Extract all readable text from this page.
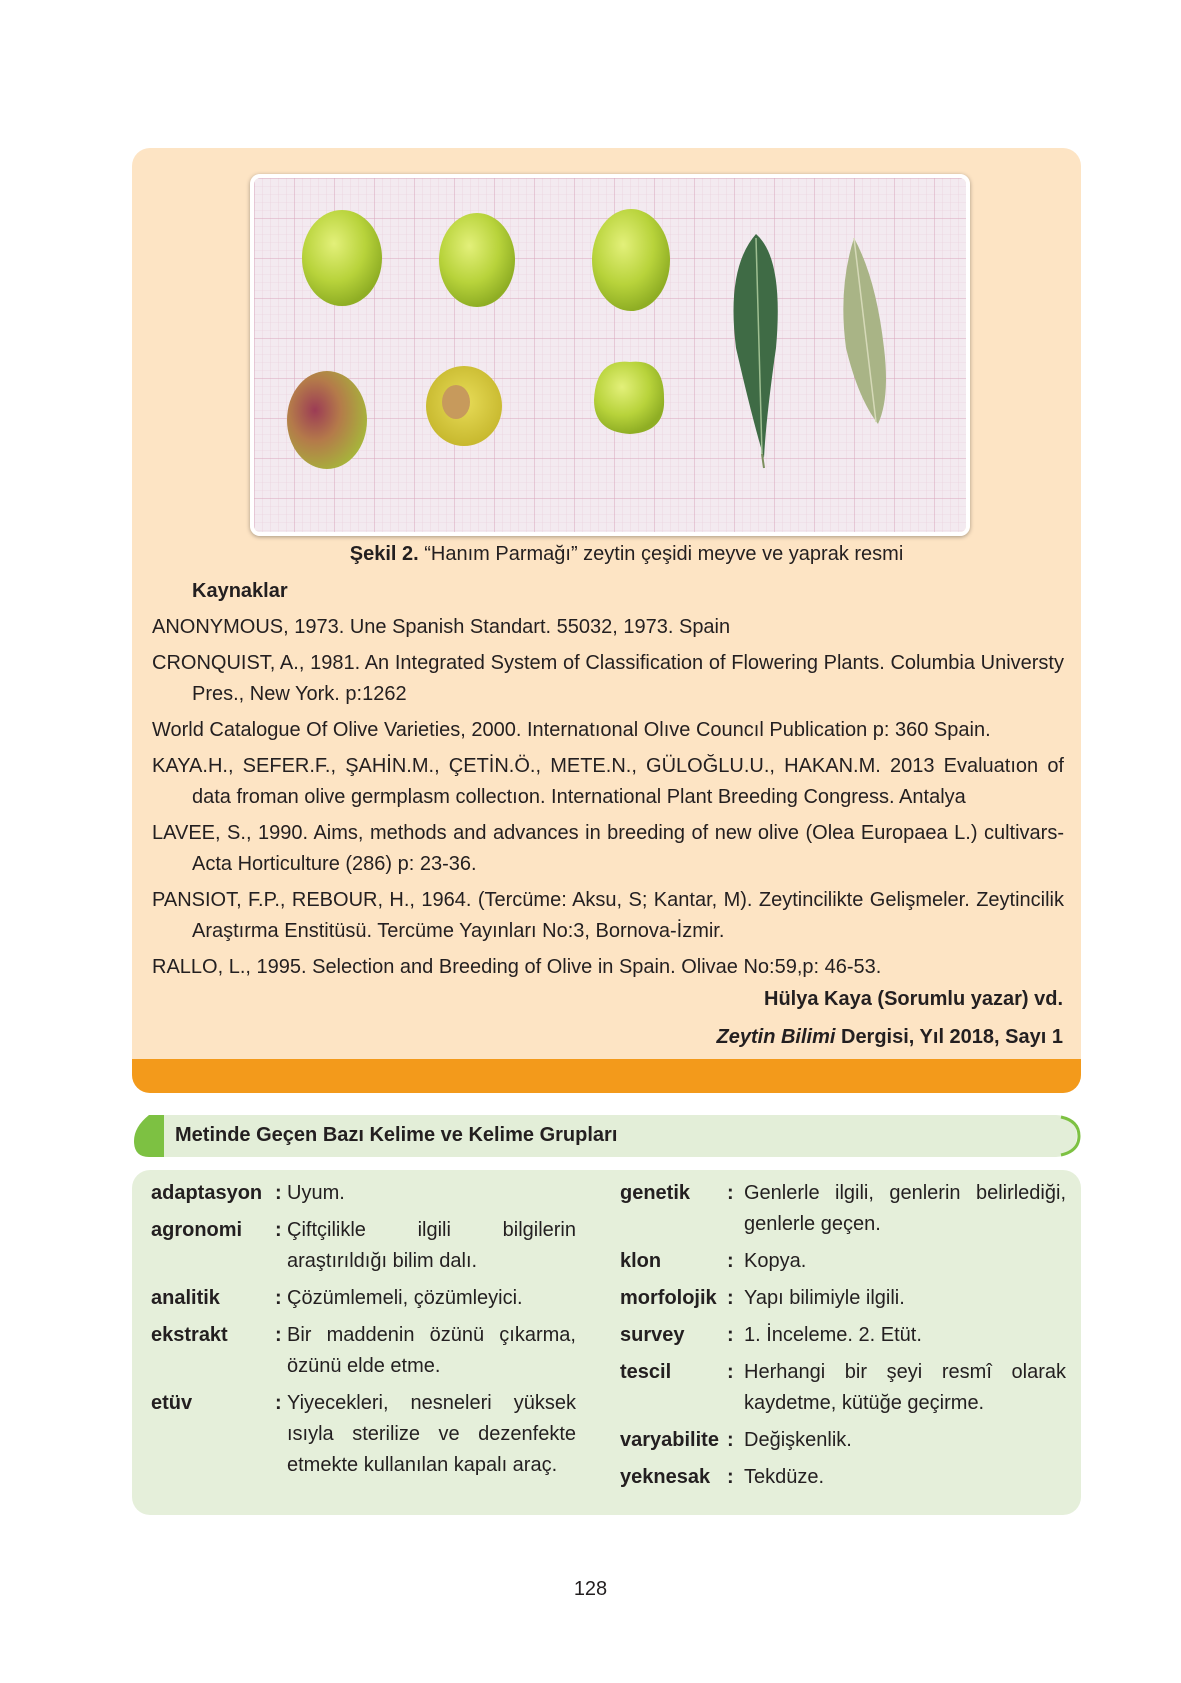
Şekil 2. “Hanım Parmağı” zeytin çeşidi meyve ve yaprak resmi
Kaynaklar
ANONYMOUS, 1973. Une Spanish Standart. 55032, 1973. Spain
CRONQUIST, A., 1981. An Integrated System of Classification of Flowering Plants. Columbia Universty Pres., New York. p:1262
World Catalogue Of Olive Varieties, 2000. Internatıonal Olıve Councıl Publication p: 360 Spain.
KAYA.H., SEFER.F., ŞAHİN.M., ÇETİN.Ö., METE.N., GÜLOĞLU.U., HAKAN.M. 2013 Evaluatıon of data froman olive germplasm collectıon. International Plant Breeding Congress. Antalya
LAVEE, S., 1990. Aims, methods and advances in breeding of new olive (Olea Europaea L.) cultivars-Acta Horticulture (286) p: 23-36.
PANSIOT, F.P., REBOUR, H., 1964. (Tercüme: Aksu, S; Kantar, M). Zeytincilikte Gelişmeler. Zeytincilik Araştırma Enstitüsü. Tercüme Yayınları No:3, Bornova-İzmir.
RALLO, L., 1995. Selection and Breeding of Olive in Spain. Olivae No:59,p: 46-53.
Hülya Kaya (Sorumlu yazar) vd.
Zeytin Bilimi Dergisi, Yıl 2018, Sayı 1
Metinde Geçen Bazı Kelime ve Kelime Grupları
adaptasyon : Uyum.
agronomi	: Çiftçilikle ilgili bilgilerin araştırıldığı bilim dalı.
analitik	: Çözümlemeli, çözümleyici.
ekstrakt	: Bir maddenin özünü çıkarma, özünü elde etme.
etüv	: Yiyecekleri, nesneleri yüksek ısıyla sterilize ve dezenfekte etmekte kullanılan kapalı araç.
genetik	: Genlerle ilgili, genlerin belirlediği, genlerle geçen.
klon	: Kopya.
morfolojik : Yapı bilimiyle ilgili.
survey	: 1. İnceleme. 2. Etüt.
tescil	: Herhangi bir şeyi resmî olarak kaydetme, kütüğe geçirme.
varyabilite : Değişkenlik.
yeknesak : Tekdüze.
128
